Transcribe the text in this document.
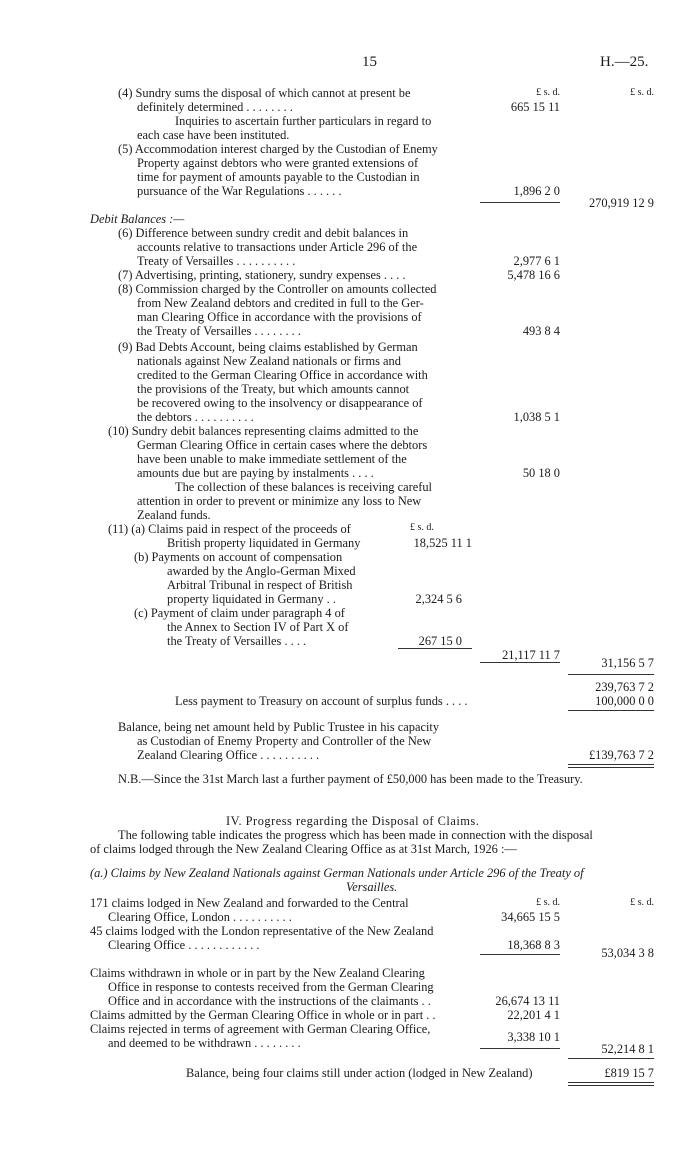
15	H.—25.
£ s. d.	£ s. d.
(4) Sundry sums the disposal of which cannot at present be
definitely determined . . . . . . . .	665 15 11
Inquiries to ascertain further particulars in regard to
each case have been instituted.
(5) Accommodation interest charged by the Custodian of Enemy
Property against debtors who were granted extensions of
time for payment of amounts payable to the Custodian in
pursuance of the War Regulations . . . . . .	1,896 2 0
270,919 12 9
Debit Balances :—
(6) Difference between sundry credit and debit balances in
accounts relative to transactions under Article 296 of the
Treaty of Versailles . . . . . . . . . .	2,977 6 1
(7) Advertising, printing, stationery, sundry expenses . . . .	5,478 16 6
(8) Commission charged by the Controller on amounts collected
from New Zealand debtors and credited in full to the Ger-
man Clearing Office in accordance with the provisions of
the Treaty of Versailles . . . . . . . .	493 8 4
(9) Bad Debts Account, being claims established by German
nationals against New Zealand nationals or firms and
credited to the German Clearing Office in accordance with
the provisions of the Treaty, but which amounts cannot
be recovered owing to the insolvency or disappearance of
the debtors . . . . . . . . . .	1,038 5 1
(10) Sundry debit balances representing claims admitted to the
German Clearing Office in certain cases where the debtors
have been unable to make immediate settlement of the
amounts due but are paying by instalments . . . .	50 18 0
The collection of these balances is receiving careful
attention in order to prevent or minimize any loss to New
Zealand funds.
£ s. d.
(11) (a) Claims paid in respect of the proceeds of
British property liquidated in Germany	18,525 11 1
(b) Payments on account of compensation
awarded by the Anglo-German Mixed
Arbitral Tribunal in respect of British
property liquidated in Germany . .	2,324 5 6
(c) Payment of claim under paragraph 4 of
the Annex to Section IV of Part X of
the Treaty of Versailles . . . .	267 15 0
21,117 11 7
31,156 5 7
239,763 7 2
Less payment to Treasury on account of surplus funds . . . .	100,000 0 0
Balance, being net amount held by Public Trustee in his capacity
as Custodian of Enemy Property and Controller of the New
Zealand Clearing Office . . . . . . . . . .	£139,763 7 2
N.B.—Since the 31st March last a further payment of £50,000 has been made to the Treasury.
IV. Progress regarding the Disposal of Claims.
The following table indicates the progress which has been made in connection with the disposal
of claims lodged through the New Zealand Clearing Office as at 31st March, 1926 :—
(a.) Claims by New Zealand Nationals against German Nationals under Article 296 of the Treaty of
Versailles.
£ s. d.	£ s. d.
171 claims lodged in New Zealand and forwarded to the Central
Clearing Office, London . . . . . . . . . .	34,665 15 5
45 claims lodged with the London representative of the New Zealand
Clearing Office . . . . . . . . . . . .	18,368 8 3
53,034 3 8
Claims withdrawn in whole or in part by the New Zealand Clearing
Office in response to contests received from the German Clearing
Office and in accordance with the instructions of the claimants . .	26,674 13 11
Claims admitted by the German Clearing Office in whole or in part . .	22,201 4 1
Claims rejected in terms of agreement with German Clearing Office,
and deemed to be withdrawn . . . . . . . .	3,338 10 1
52,214 8 1
Balance, being four claims still under action (lodged in New Zealand)	£819 15 7
